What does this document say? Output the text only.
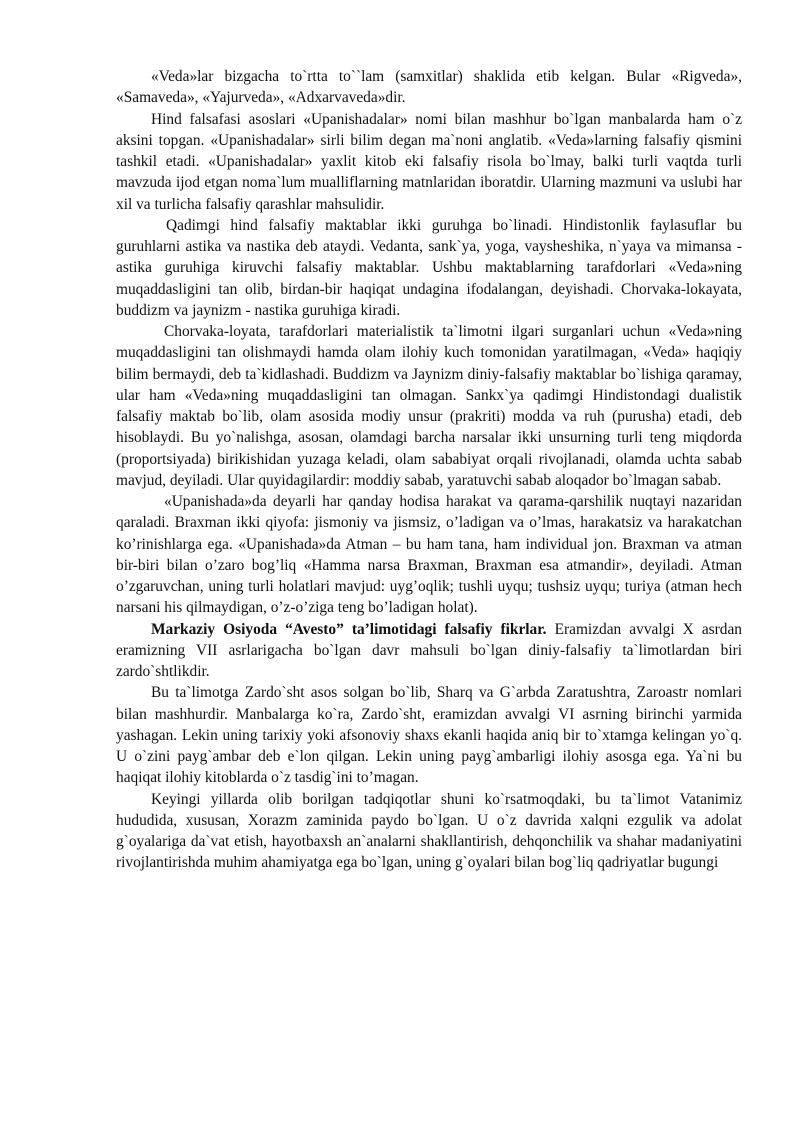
«Veda»lar bizgacha to`rtta to``lam (samxitlar) shaklida etib kelgan. Bular «Rigveda», «Samaveda», «Yajurveda», «Adxarvaveda»dir.

Hind falsafasi asoslari «Upanishadalar» nomi bilan mashhur bo`lgan manbalarda ham o`z aksini topgan. «Upanishadalar» sirli bilim degan ma`noni anglatib. «Veda»larning falsafiy qismini tashkil etadi. «Upanishadalar» yaxlit kitob eki falsafiy risola bo`lmay, balki turli vaqtda turli mavzuda ijod etgan noma`lum mualliflarning matnlaridan iboratdir. Ularning mazmuni va uslubi har xil va turlicha falsafiy qarashlar mahsulidir.

Qadimgi hind falsafiy maktablar ikki guruhga bo`linadi. Hindistonlik faylasuflar bu guruhlarni astika va nastika deb ataydi. Vedanta, sank`ya, yoga, vaysheshika, n`yaya va mimansa - astika guruhiga kiruvchi falsafiy maktablar. Ushbu maktablarning tarafdorlari «Veda»ning muqaddasligini tan olib, birdan-bir haqiqat undagina ifodalangan, deyishadi. Chorvaka-lokayata, buddizm va jaynizm - nastika guruhiga kiradi.

Chorvaka-loyata, tarafdorlari materialistik ta`limotni ilgari surganlari uchun «Veda»ning muqaddasligini tan olishmaydi hamda olam ilohiy kuch tomonidan yaratilmagan, «Veda» haqiqiy bilim bermaydi, deb ta`kidlashadi. Buddizm va Jaynizm diniy-falsafiy maktablar bo`lishiga qaramay, ular ham «Veda»ning muqaddasligini tan olmagan. Sankx`ya qadimgi Hindistondagi dualistik falsafiy maktab bo`lib, olam asosida modiy unsur (prakriti) modda va ruh (purusha) etadi, deb hisoblaydi. Bu yo`nalishga, asosan, olamdagi barcha narsalar ikki unsurning turli teng miqdorda (proportsiyada) birikishidan yuzaga keladi, olam sababiyat orqali rivojlanadi, olamda uchta sabab mavjud, deyiladi. Ular quyidagilardir: moddiy sabab, yaratuvchi sabab aloqador bo`lmagan sabab.

«Upanishada»da deyarli har qanday hodisa harakat va qarama-qarshilik nuqtayi nazaridan qaraladi. Braxman ikki qiyofa: jismoniy va jismsiz, o’ladigan va o’lmas, harakatsiz va harakatchan ko’rinishlarga ega. «Upanishada»da Atman – bu ham tana, ham individual jon. Braxman va atman bir-biri bilan o’zaro bog’liq «Hamma narsa Braxman, Braxman esa atmandir», deyiladi. Atman o’zgaruvchan, uning turli holatlari mavjud: uyg’oqlik; tushli uyqu; tushsiz uyqu; turiya (atman hech narsani his qilmaydigan, o’z-o’ziga teng bo’ladigan holat).

Markaziy Osiyoda “Avesto” ta’limotidagi falsafiy fikrlar. Eramizdan avvalgi X asrdan eramizning VII asrlarigacha bo`lgan davr mahsuli bo`lgan diniy-falsafiy ta`limotlardan biri zardo`shtlikdir.

Bu ta`limotga Zardo`sht asos solgan bo`lib, Sharq va G`arbda Zaratushtra, Zaroastr nomlari bilan mashhurdir. Manbalarga ko`ra, Zardo`sht, eramizdan avvalgi VI asrning birinchi yarmida yashagan. Lekin uning tarixiy yoki afsonoviy shaxs ekanli haqida aniq bir to`xtamga kelingan yo`q. U o`zini payg`ambar deb e`lon qilgan. Lekin uning payg`ambarligi ilohiy asosga ega. Ya`ni bu haqiqat ilohiy kitoblarda o`z tasdig`ini to’magan.

Keyingi yillarda olib borilgan tadqiqotlar shuni ko`rsatmoqdaki, bu ta`limot Vatanimiz hududida, xususan, Xorazm zaminida paydo bo`lgan. U o`z davrida xalqni ezgulik va adolat g`oyalariga da`vat etish, hayotbaxsh an`analarni shakllantirish, dehqonchilik va shahar madaniyatini rivojlantirishda muhim ahamiyatga ega bo`lgan, uning g`oyalari bilan bog`liq qadriyatlar bugungi
